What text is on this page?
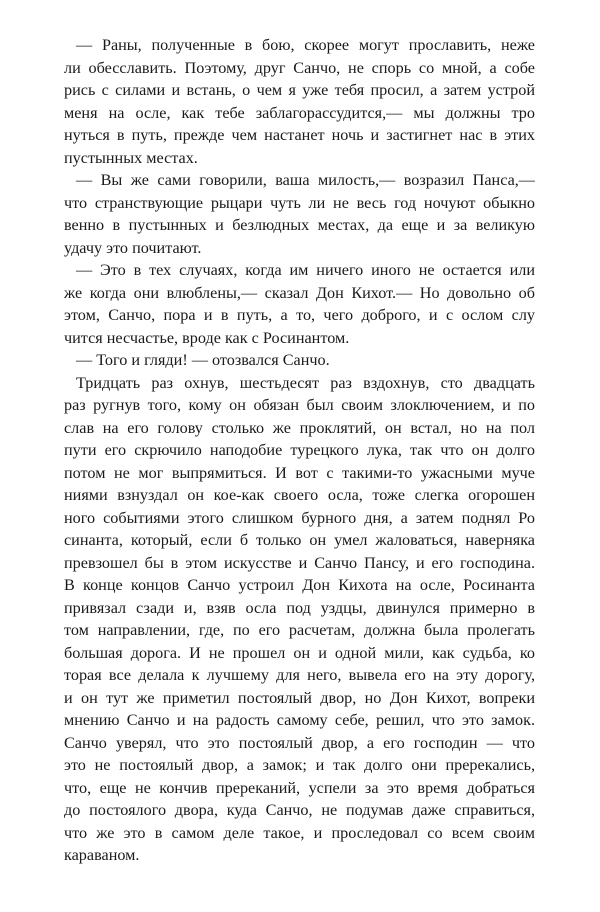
— Раны, полученные в бою, скорее могут прославить, неже
ли обесславить. Поэтому, друг Санчо, не спорь со мной, а собе
рись с силами и встань, о чем я уже тебя просил, а затем устрой
меня на осле, как тебе заблагорассудится,— мы должны тро
нуться в путь, прежде чем настанет ночь и застигнет нас в этих
пустынных местах.
— Вы же сами говорили, ваша милость,— возразил Панса,—
что странствующие рыцари чуть ли не весь год ночуют обыкно
венно в пустынных и безлюдных местах, да еще и за великую
удачу это почитают.
— Это в тех случаях, когда им ничего иного не остается или
же когда они влюблены,— сказал Дон Кихот.— Но довольно об
этом, Санчо, пора и в путь, а то, чего доброго, и с ослом слу
чится несчастье, вроде как с Росинантом.
— Того и гляди! — отозвался Санчо.
Тридцать раз охнув, шестьдесят раз вздохнув, сто двадцать
раз ругнув того, кому он обязан был своим злоключением, и по
слав на его голову столько же проклятий, он встал, но на пол
пути его скрючило наподобие турецкого лука, так что он долго
потом не мог выпрямиться. И вот с такими-то ужасными муче
ниями взнуздал он кое-как своего осла, тоже слегка огорошен
ного событиями этого слишком бурного дня, а затем поднял Ро
синанта, который, если б только он умел жаловаться, наверняка
превзошел бы в этом искусстве и Санчо Пансу, и его господина.
В конце концов Санчо устроил Дон Кихота на осле, Росинанта
привязал сзади и, взяв осла под уздцы, двинулся примерно в
том направлении, где, по его расчетам, должна была пролегать
большая дорога. И не прошел он и одной мили, как судьба, ко
торая все делала к лучшему для него, вывела его на эту дорогу,
и он тут же приметил постоялый двор, но Дон Кихот, вопреки
мнению Санчо и на радость самому себе, решил, что это замок.
Санчо уверял, что это постоялый двор, а его господин — что
это не постоялый двор, а замок; и так долго они пререкались,
что, еще не кончив пререканий, успели за это время добраться
до постоялого двора, куда Санчо, не подумав даже справиться,
что же это в самом деле такое, и проследовал со всем своим
караваном.
